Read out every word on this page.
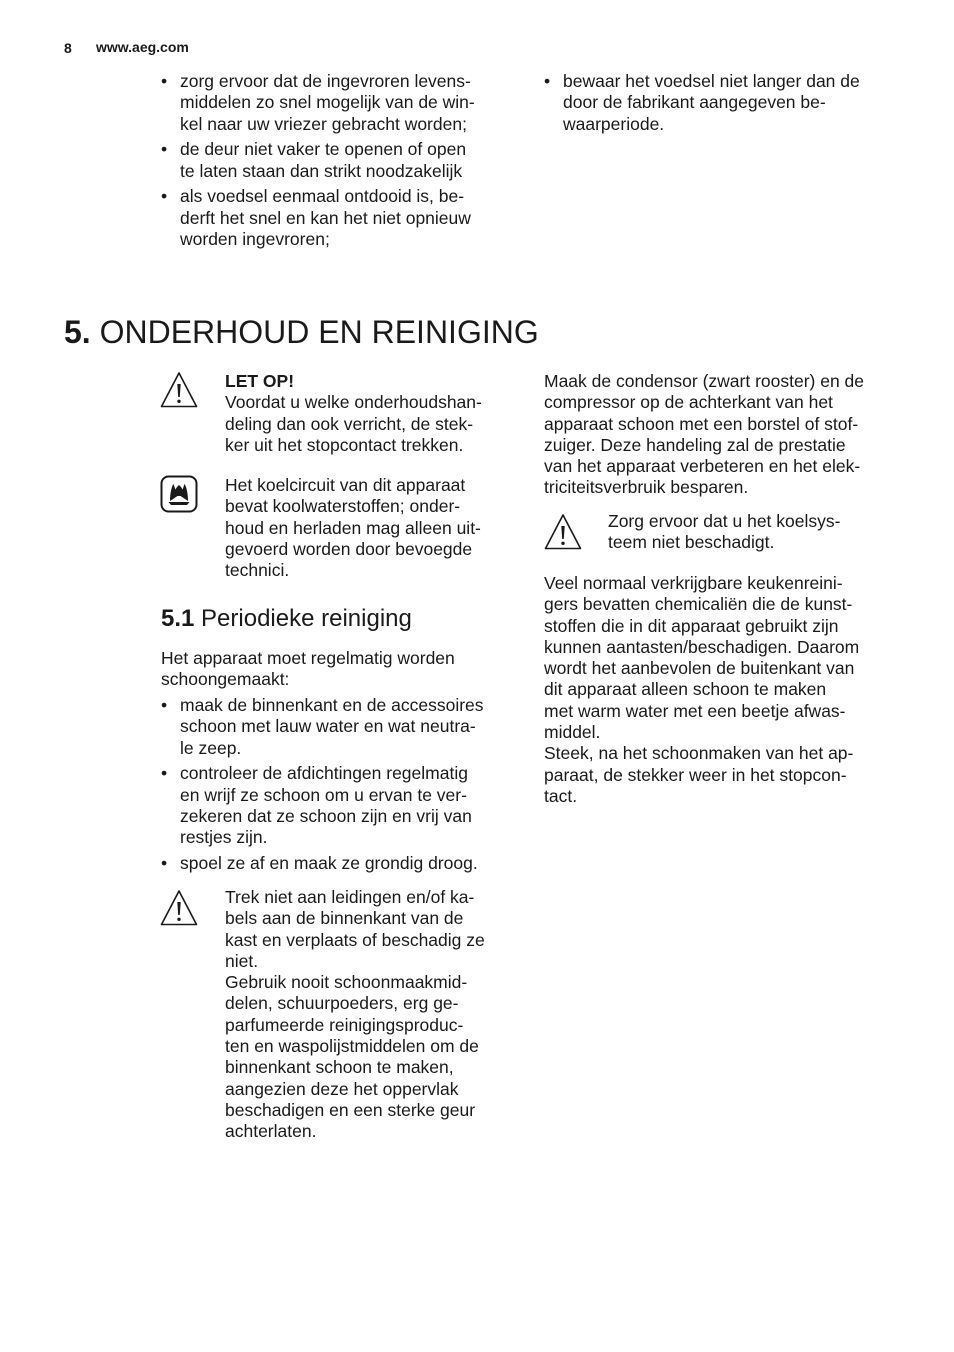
8 www.aeg.com
• zorg ervoor dat de ingevroren levens-
middelen zo snel mogelijk van de win-
kel naar uw vriezer gebracht worden;
• de deur niet vaker te openen of open
te laten staan dan strikt noodzakelijk
• als voedsel eenmaal ontdooid is, be-
derft het snel en kan het niet opnieuw
worden ingevroren;
• bewaar het voedsel niet langer dan de
door de fabrikant aangegeven be-
waarperiode.
5. ONDERHOUD EN REINIGING
LET OP!
Voordat u welke onderhoudshan-
deling dan ook verricht, de stek-
ker uit het stopcontact trekken.
Het koelcircuit van dit apparaat
bevat koolwaterstoffen; onder-
houd en herladen mag alleen uit-
gevoerd worden door bevoegde
technici.
5.1 Periodieke reiniging
Het apparaat moet regelmatig worden
schoongemaakt:
• maak de binnenkant en de accessoires
schoon met lauw water en wat neutra-
le zeep.
• controleer de afdichtingen regelmatig
en wrijf ze schoon om u ervan te ver-
zekeren dat ze schoon zijn en vrij van
restjes zijn.
• spoel ze af en maak ze grondig droog.
Trek niet aan leidingen en/of ka-
bels aan de binnenkant van de
kast en verplaats of beschadig ze
niet.
Gebruik nooit schoonmaakmid-
delen, schuurpoeders, erg ge-
parfumeerde reinigingsproduc-
ten en waspolijstmiddelen om de
binnenkant schoon te maken,
aangezien deze het oppervlak
beschadigen en een sterke geur
achterlaten.
Maak de condensor (zwart rooster) en de
compressor op de achterkant van het
apparaat schoon met een borstel of stof-
zuiger. Deze handeling zal de prestatie
van het apparaat verbeteren en het elek-
triciteitsverbruik besparen.
Zorg ervoor dat u het koelsys-
teem niet beschadigt.
Veel normaal verkrijgbare keukenreini-
gers bevatten chemicaliën die de kunst-
stoffen die in dit apparaat gebruikt zijn
kunnen aantasten/beschadigen. Daarom
wordt het aanbevolen de buitenkant van
dit apparaat alleen schoon te maken
met warm water met een beetje afwas-
middel.
Steek, na het schoonmaken van het ap-
paraat, de stekker weer in het stopcon-
tact.
